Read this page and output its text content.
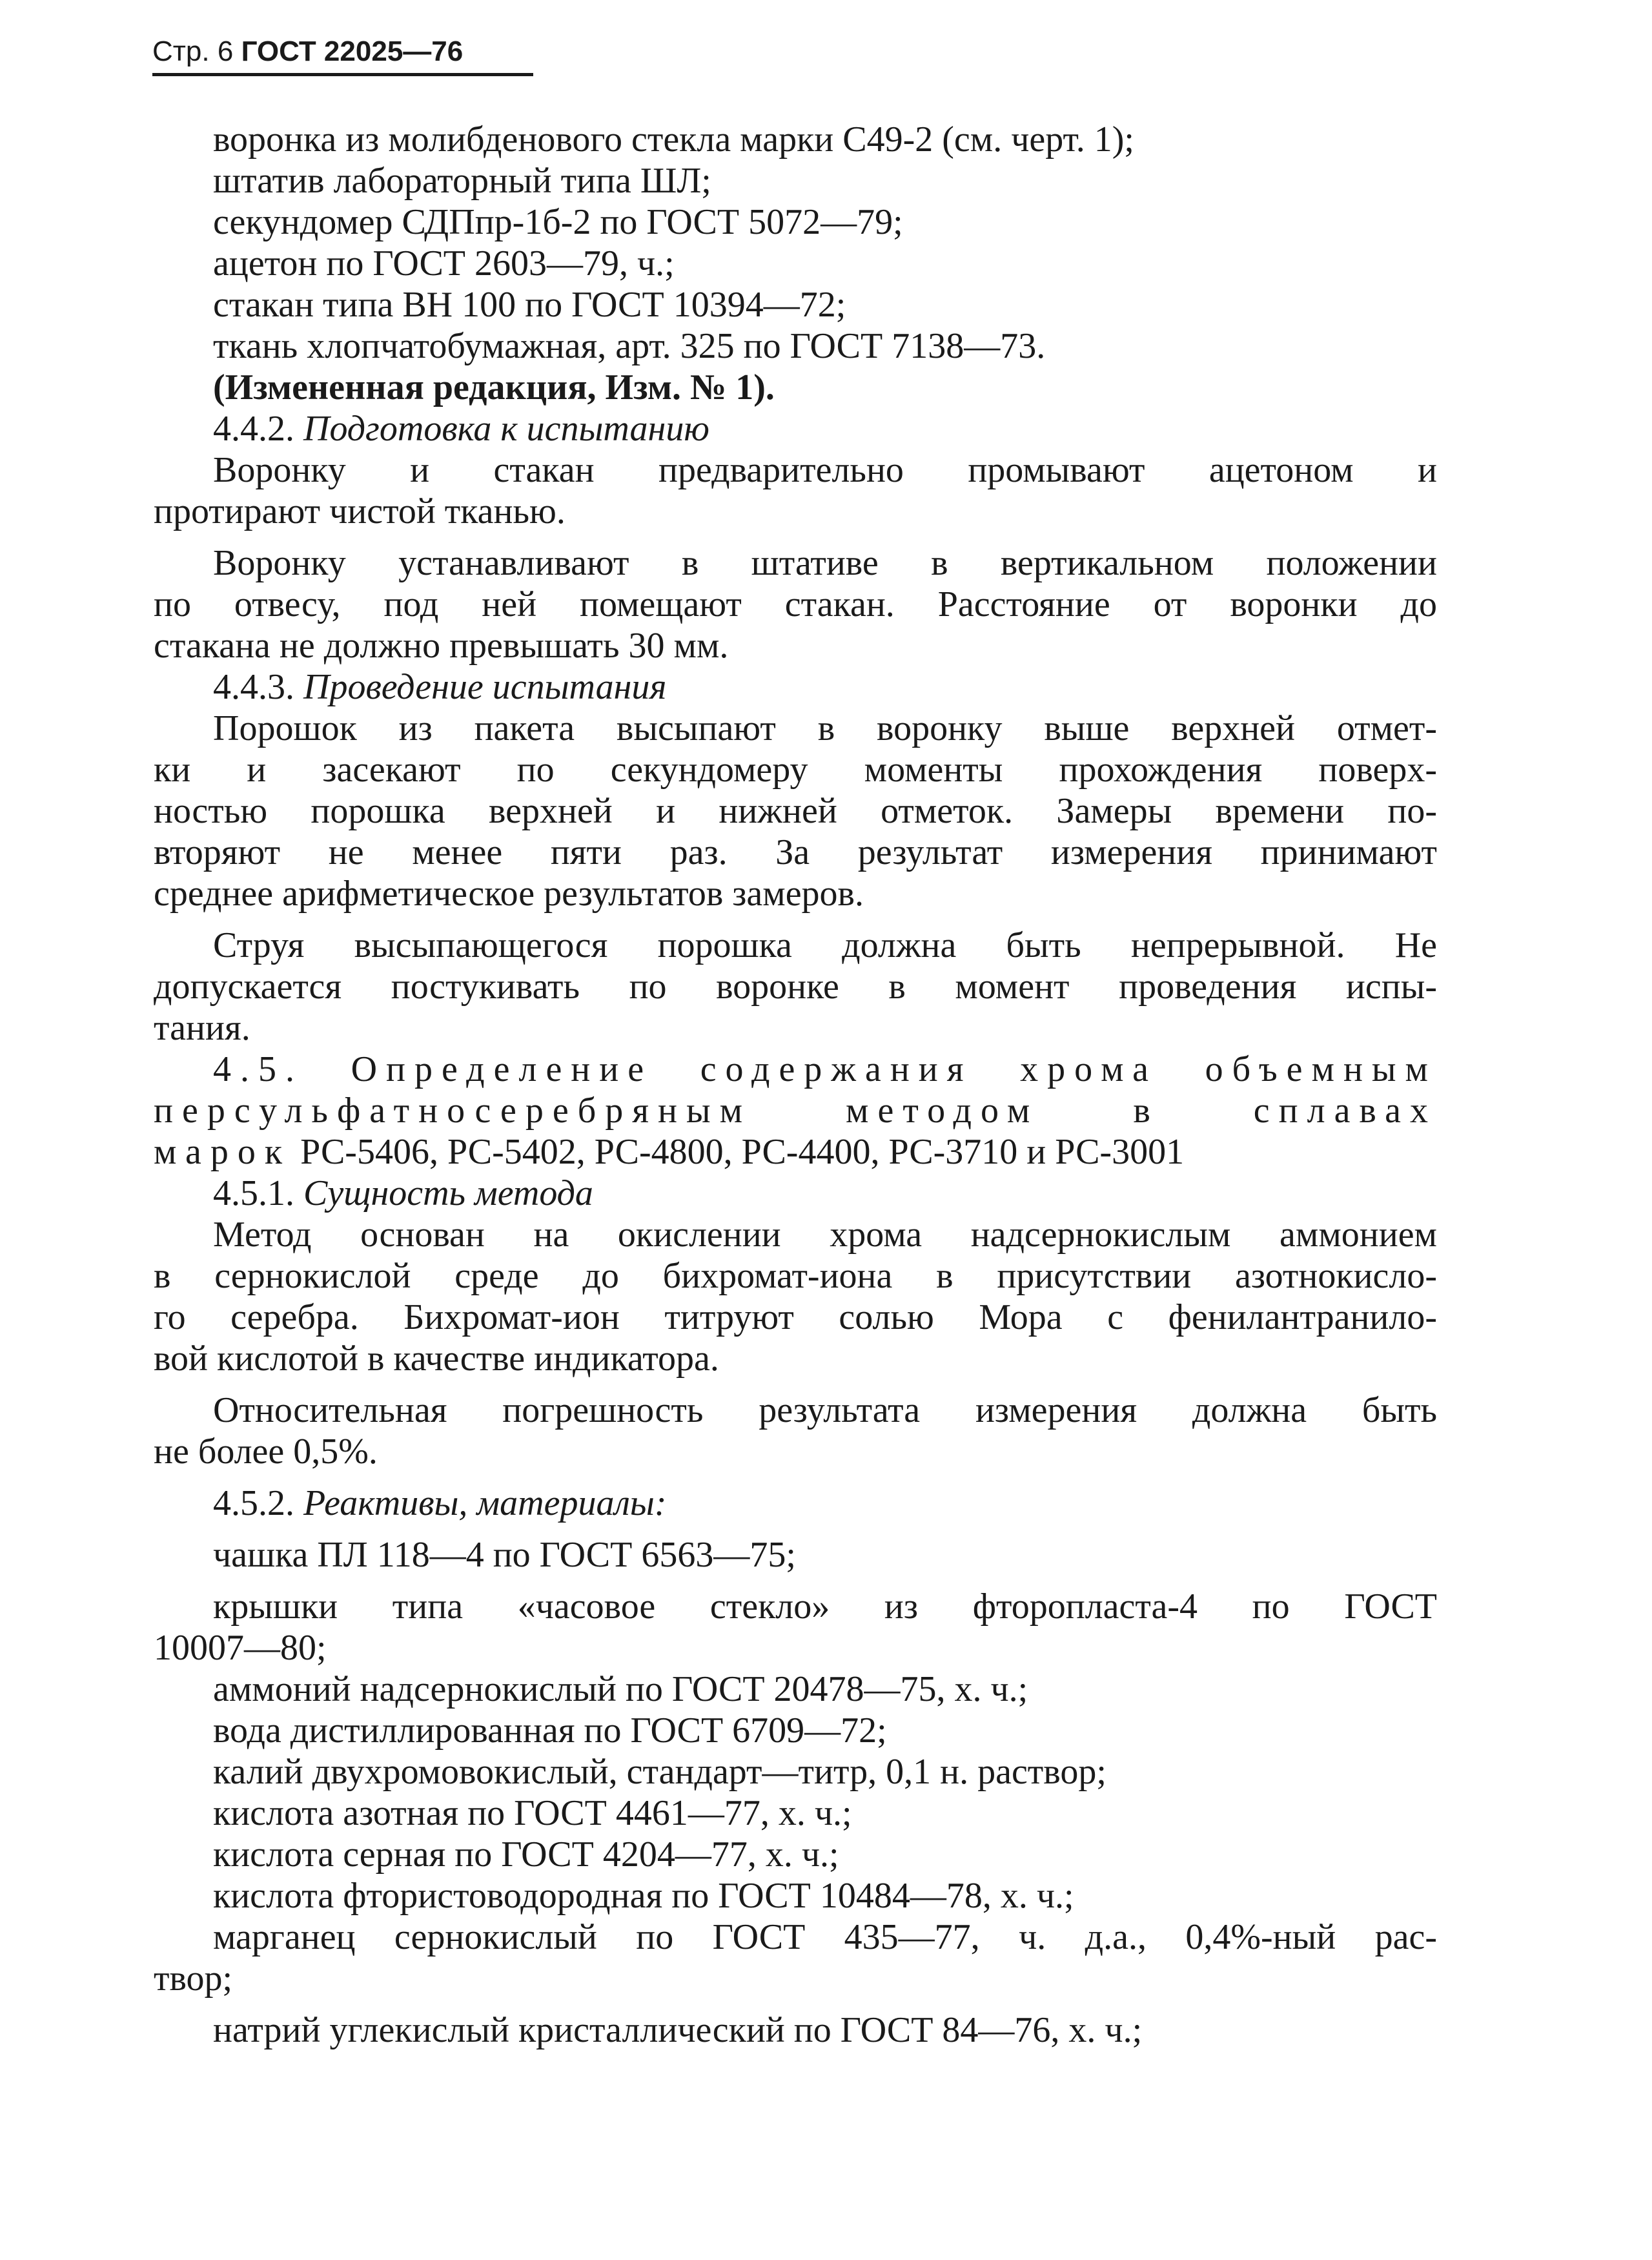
Стр. 6 ГОСТ 22025—76
воронка из молибденового стекла марки С49-2 (см. черт. 1);
штатив лабораторный типа ШЛ;
секундомер СДПпр-1б-2 по ГОСТ 5072—79;
ацетон по ГОСТ 2603—79, ч.;
стакан типа ВН 100 по ГОСТ 10394—72;
ткань хлопчатобумажная, арт. 325 по ГОСТ 7138—73.
(Измененная редакция, Изм. № 1).
4.4.2. Подготовка к испытанию
Воронку и стакан предварительно промывают ацетоном и
протирают чистой тканью.
Воронку устанавливают в штативе в вертикальном положении
по отвесу, под ней помещают стакан. Расстояние от воронки до
стакана не должно превышать 30 мм.
4.4.3. Проведение испытания
Порошок из пакета высыпают в воронку выше верхней отмет-
ки и засекают по секундомеру моменты прохождения поверх-
ностью порошка верхней и нижней отметок. Замеры времени по-
вторяют не менее пяти раз. За результат измерения принимают
среднее арифметическое результатов замеров.
Струя высыпающегося порошка должна быть непрерывной. Не
допускается постукивать по воронке в момент проведения испы-
тания.
4.5. Определение содержания хрома объемным
персульфатносеребряным методом в сплавах
марок РС-5406, РС-5402, РС-4800, РС-4400, РС-3710 и РС-3001
4.5.1. Сущность метода
Метод основан на окислении хрома надсернокислым аммонием
в сернокислой среде до бихромат-иона в присутствии азотнокисло-
го серебра. Бихромат-ион титруют солью Мора с фенилантранило-
вой кислотой в качестве индикатора.
Относительная погрешность результата измерения должна быть
не более 0,5%.
4.5.2. Реактивы, материалы:
чашка ПЛ 118—4 по ГОСТ 6563—75;
крышки типа «часовое стекло» из фторопласта-4 по ГОСТ
10007—80;
аммоний надсернокислый по ГОСТ 20478—75, х. ч.;
вода дистиллированная по ГОСТ 6709—72;
калий двухромовокислый, стандарт—титр, 0,1 н. раствор;
кислота азотная по ГОСТ 4461—77, х. ч.;
кислота серная по ГОСТ 4204—77, х. ч.;
кислота фтористоводородная по ГОСТ 10484—78, х. ч.;
марганец сернокислый по ГОСТ 435—77, ч. д.а., 0,4%-ный рас-
твор;
натрий углекислый кристаллический по ГОСТ 84—76, х. ч.;
